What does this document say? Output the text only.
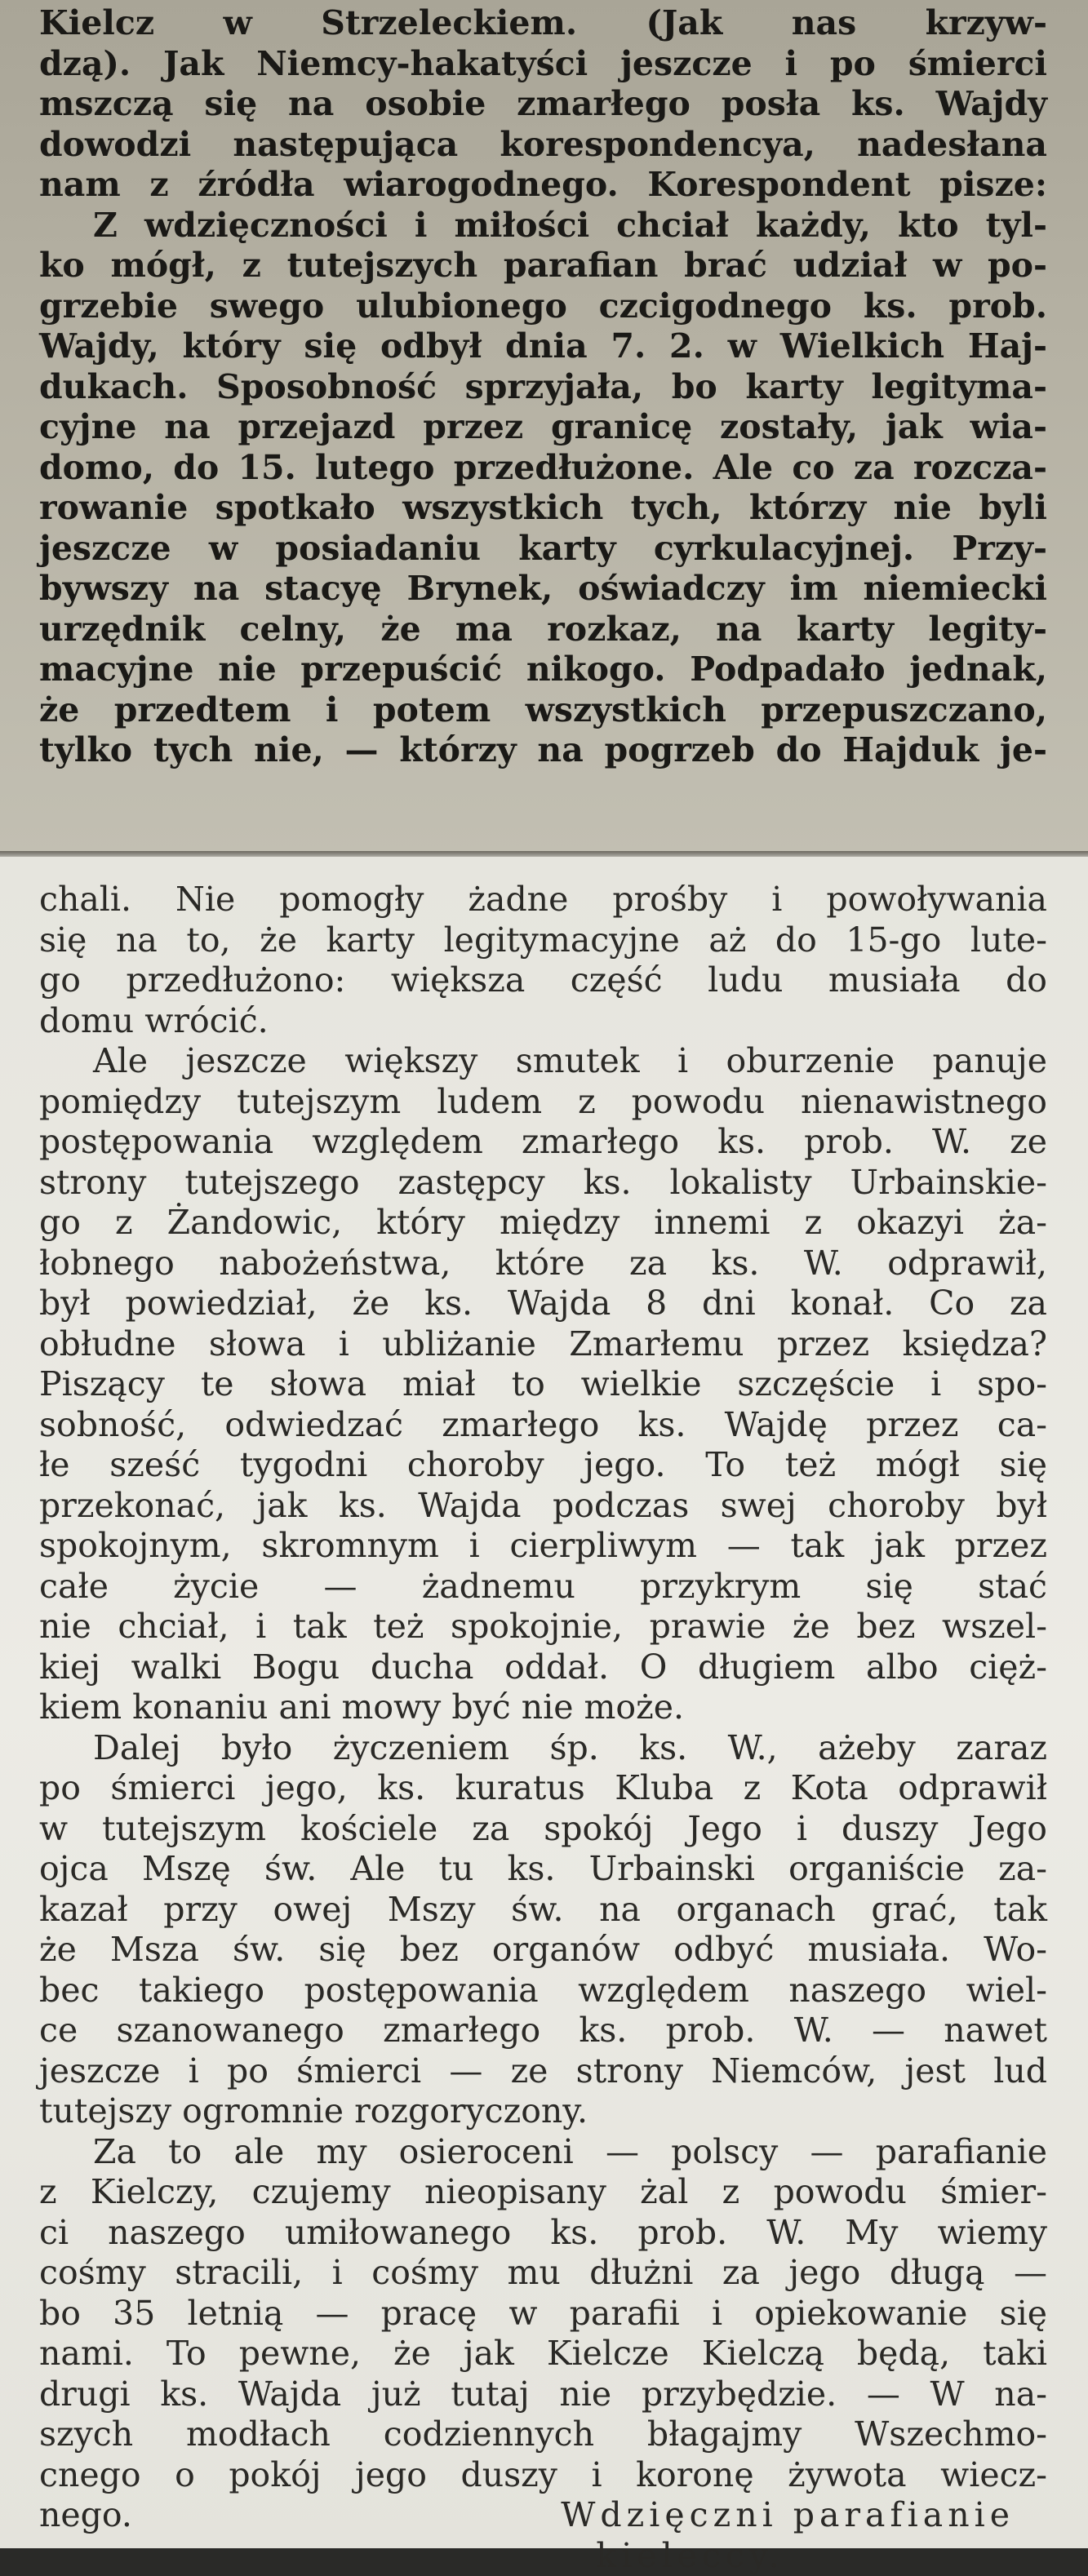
Kielcz w Strzeleckiem. (Jak nas krzyw-
dzą). Jak Niemcy-hakatyści jeszcze i po śmierci
mszczą się na osobie zmarłego posła ks. Wajdy
dowodzi następująca korespondencya, nadesłana
nam z źródła wiarogodnego. Korespondent pisze:
Z wdzięczności i miłości chciał każdy, kto tyl-
ko mógł, z tutejszych parafian brać udział w po-
grzebie swego ulubionego czcigodnego ks. prob.
Wajdy, który się odbył dnia 7. 2. w Wielkich Haj-
dukach. Sposobność sprzyjała, bo karty legityma-
cyjne na przejazd przez granicę zostały, jak wia-
domo, do 15. lutego przedłużone. Ale co za rozcza-
rowanie spotkało wszystkich tych, którzy nie byli
jeszcze w posiadaniu karty cyrkulacyjnej. Przy-
bywszy na stacyę Brynek, oświadczy im niemiecki
urzędnik celny, że ma rozkaz, na karty legity-
macyjne nie przepuścić nikogo. Podpadało jednak,
że przedtem i potem wszystkich przepuszczano,
tylko tych nie, — którzy na pogrzeb do Hajduk je-
chali. Nie pomogły żadne prośby i powoływania
się na to, że karty legitymacyjne aż do 15-go lute-
go przedłużono: większa część ludu musiała do
domu wrócić.
Ale jeszcze większy smutek i oburzenie panuje
pomiędzy tutejszym ludem z powodu nienawistnego
postępowania względem zmarłego ks. prob. W. ze
strony tutejszego zastępcy ks. lokalisty Urbainskie-
go z Żandowic, który między innemi z okazyi ża-
łobnego nabożeństwa, które za ks. W. odprawił,
był powiedział, że ks. Wajda 8 dni konał. Co za
obłudne słowa i ubliżanie Zmarłemu przez księdza?
Piszący te słowa miał to wielkie szczęście i spo-
sobność, odwiedzać zmarłego ks. Wajdę przez ca-
łe sześć tygodni choroby jego. To też mógł się
przekonać, jak ks. Wajda podczas swej choroby był
spokojnym, skromnym i cierpliwym — tak jak przez
całe życie — żadnemu przykrym się stać
nie chciał, i tak też spokojnie, prawie że bez wszel-
kiej walki Bogu ducha oddał. O długiem albo cięż-
kiem konaniu ani mowy być nie może.
Dalej było życzeniem śp. ks. W., ażeby zaraz
po śmierci jego, ks. kuratus Kluba z Kota odprawił
w tutejszym kościele za spokój Jego i duszy Jego
ojca Mszę św. Ale tu ks. Urbainski organiście za-
kazał przy owej Mszy św. na organach grać, tak
że Msza św. się bez organów odbyć musiała. Wo-
bec takiego postępowania względem naszego wiel-
ce szanowanego zmarłego ks. prob. W. — nawet
jeszcze i po śmierci — ze strony Niemców, jest lud
tutejszy ogromnie rozgoryczony.
Za to ale my osieroceni — polscy — parafianie
z Kielczy, czujemy nieopisany żal z powodu śmier-
ci naszego umiłowanego ks. prob. W. My wiemy
cośmy stracili, i cośmy mu dłużni za jego długą —
bo 35 letnią — pracę w parafii i opiekowanie się
nami. To pewne, że jak Kielcze Kielczą będą, taki
drugi ks. Wajda już tutaj nie przybędzie. — W na-
szych modłach codziennych błagajmy Wszechmo-
cnego o pokój jego duszy i koronę żywota wiecz-
nego.	Wdzięczni parafianie
kieleccy.
